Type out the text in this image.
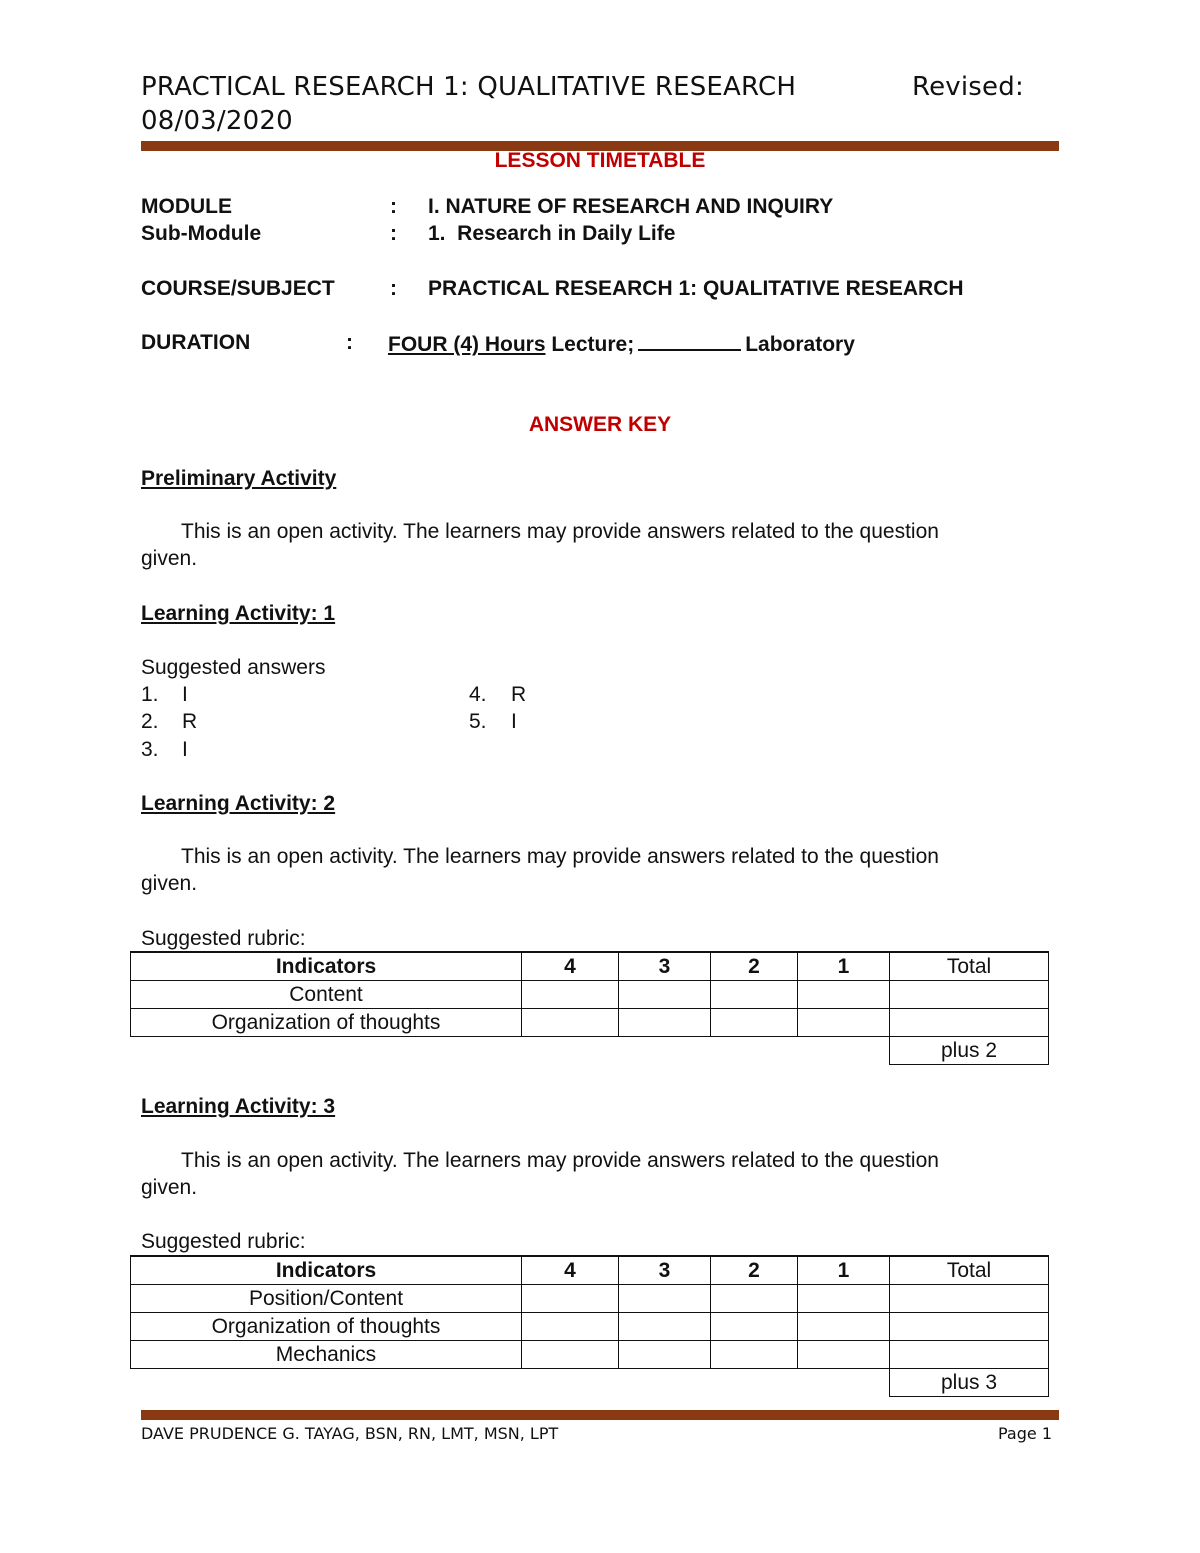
PRACTICAL RESEARCH 1: QUALITATIVE RESEARCH	Revised:
08/03/2020
LESSON TIMETABLE
MODULE	: I. NATURE OF RESEARCH AND INQUIRY
Sub-Module	: 1.  Research in Daily Life
COURSE/SUBJECT	: PRACTICAL RESEARCH 1: QUALITATIVE RESEARCH
DURATION	: FOUR (4) Hours Lecture;	Laboratory
ANSWER KEY
Preliminary Activity
This is an open activity. The learners may provide answers related to the question
given.
Learning Activity: 1
Suggested answers
1. I
2. R
3. I
4. R
5. I
Learning Activity: 2
This is an open activity. The learners may provide answers related to the question
given.
Suggested rubric:
Indicators	4	3	2	1	Total
Content					
Organization of thoughts					
					plus 2
Learning Activity: 3
This is an open activity. The learners may provide answers related to the question
given.
Suggested rubric:
Indicators	4	3	2	1	Total
Position/Content					
Organization of thoughts					
Mechanics					
					plus 3
DAVE PRUDENCE G. TAYAG, BSN, RN, LMT, MSN, LPT	Page 1
